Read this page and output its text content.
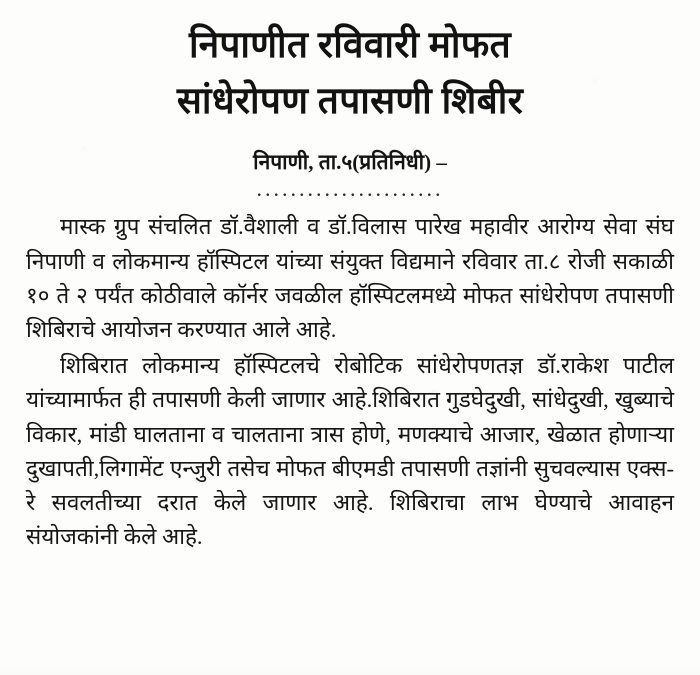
निपाणीत रविवारी मोफत
सांधेरोपण तपासणी शिबीर
निपाणी, ता.५(प्रतिनिधी) –
......................

मास्क ग्रुप संचलित डॉ.वैशाली व डॉ.विलास पारेख महावीर आरोग्य सेवा संघ निपाणी व लोकमान्य हॉस्पिटल यांच्या संयुक्त विद्यमाने रविवार ता.८ रोजी सकाळी १० ते २ पर्यंत कोठीवाले कॉर्नर जवळील हॉस्पिटलमध्ये मोफत सांधेरोपण तपासणी शिबिराचे आयोजन करण्यात आले आहे.

शिबिरात लोकमान्य हॉस्पिटलचे रोबोटिक सांधेरोपणतज्ञ डॉ.राकेश पाटील यांच्यामार्फत ही तपासणी केली जाणार आहे.शिबिरात गुडघेदुखी, सांधेदुखी, खुब्याचे विकार, मांडी घालताना व चालताना त्रास होणे, मणक्याचे आजार, खेळात होणाऱ्या दुखापती,लिगामेंट एन्जुरी तसेच मोफत बीएमडी तपासणी तज्ञांनी सुचवल्यास एक्स-रे सवलतीच्या दरात केले जाणार आहे. शिबिराचा लाभ घेण्याचे आवाहन संयोजकांनी केले आहे.
